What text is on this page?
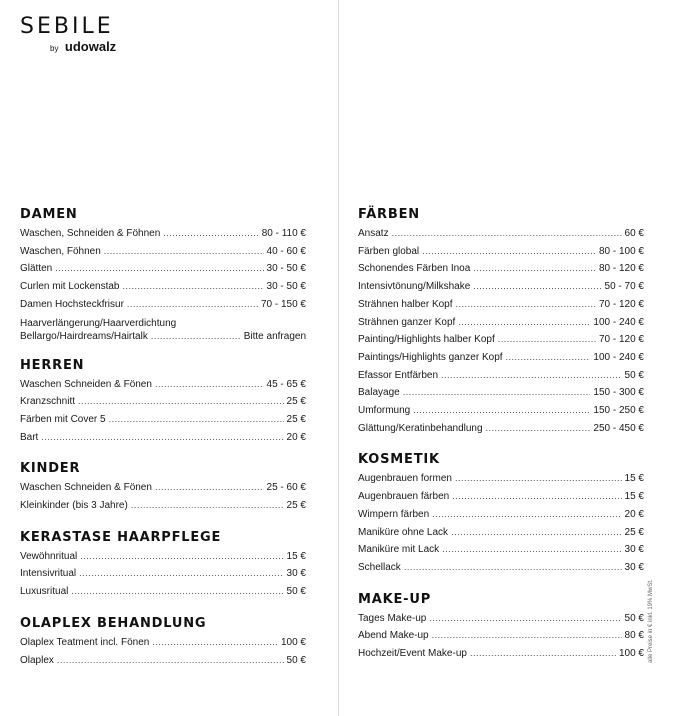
SEBILE
by udowalz
DAMEN
Waschen, Schneiden & Föhnen .....	80 - 110 €
Waschen, Föhnen .....	40 - 60 €
Glätten .....	30 - 50 €
Curlen mit Lockenstab .....	30 - 50 €
Damen Hochsteckfrisur .....	70 - 150 €
Haarverlängerung/Haarverdichtung
Bellargo/Hairdreams/Hairtalk .....	Bitte anfragen
HERREN
Waschen Schneiden & Fönen .....	45 - 65 €
Kranzschnitt .....	25 €
Färben mit Cover 5 .....	25 €
Bart .....	20 €
KINDER
Waschen Schneiden & Fönen .....	25 - 60 €
Kleinkinder (bis 3 Jahre) .....	25 €
KERASTASE HAARPFLEGE
Vewöhnritual .....	15 €
Intensivritual .....	30 €
Luxusritual .....	50 €
OLAPLEX BEHANDLUNG
Olaplex Teatment incl. Fönen .....	100 €
Olaplex .....	50 €
FÄRBEN
Ansatz .....	60 €
Färben global .....	80 - 100 €
Schonendes Färben Inoa .....	80 - 120 €
Intensivtönung/Milkshake .....	50 - 70 €
Strähnen halber Kopf .....	70 - 120 €
Strähnen ganzer Kopf .....	100 - 240 €
Painting/Highlights halber Kopf .....	70 - 120 €
Paintings/Highlights ganzer Kopf .....	100 - 240 €
Efassor Entfärben .....	50 €
Balayage .....	150 - 300 €
Umformung .....	150 - 250 €
Glättung/Keratinbehandlung .....	250 - 450 €
KOSMETIK
Augenbrauen formen .....	15 €
Augenbrauen färben .....	15 €
Wimpern färben .....	20 €
Maniküre ohne Lack .....	25 €
Maniküre mit Lack .....	30 €
Schellack .....	30 €
MAKE-UP
Tages Make-up .....	50 €
Abend Make-up .....	80 €
Hochzeit/Event Make-up .....	100 € alle Preise in € inkl. 19% MwSt.
